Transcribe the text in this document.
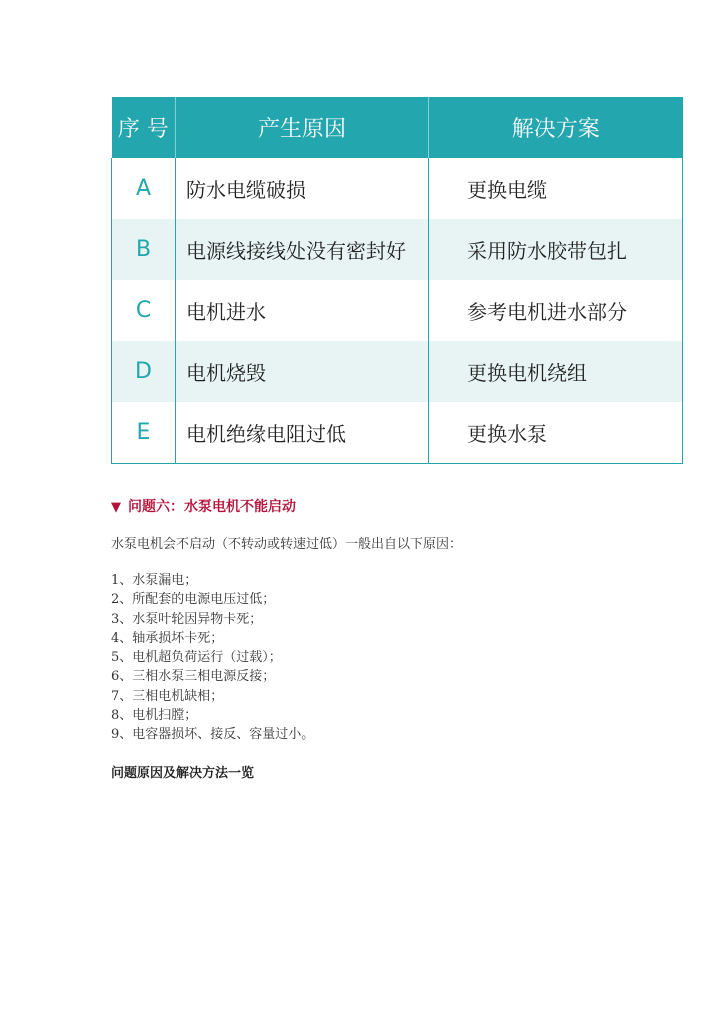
序 号	产生原因	解决方案
A	防水电缆破损	更换电缆
B	电源线接线处没有密封好	采用防水胶带包扎
C	电机进水	参考电机进水部分
D	电机烧毁	更换电机绕组
E	电机绝缘电阻过低	更换水泵
▼ 问题六：水泵电机不能启动
水泵电机会不启动（不转动或转速过低）一般出自以下原因：
1、水泵漏电；
2、所配套的电源电压过低；
3、水泵叶轮因异物卡死；
4、轴承损坏卡死；
5、电机超负荷运行（过载）；
6、三相水泵三相电源反接；
7、三相电机缺相；
8、电机扫膛；
9、电容器损坏、接反、容量过小。
问题原因及解决方法一览
